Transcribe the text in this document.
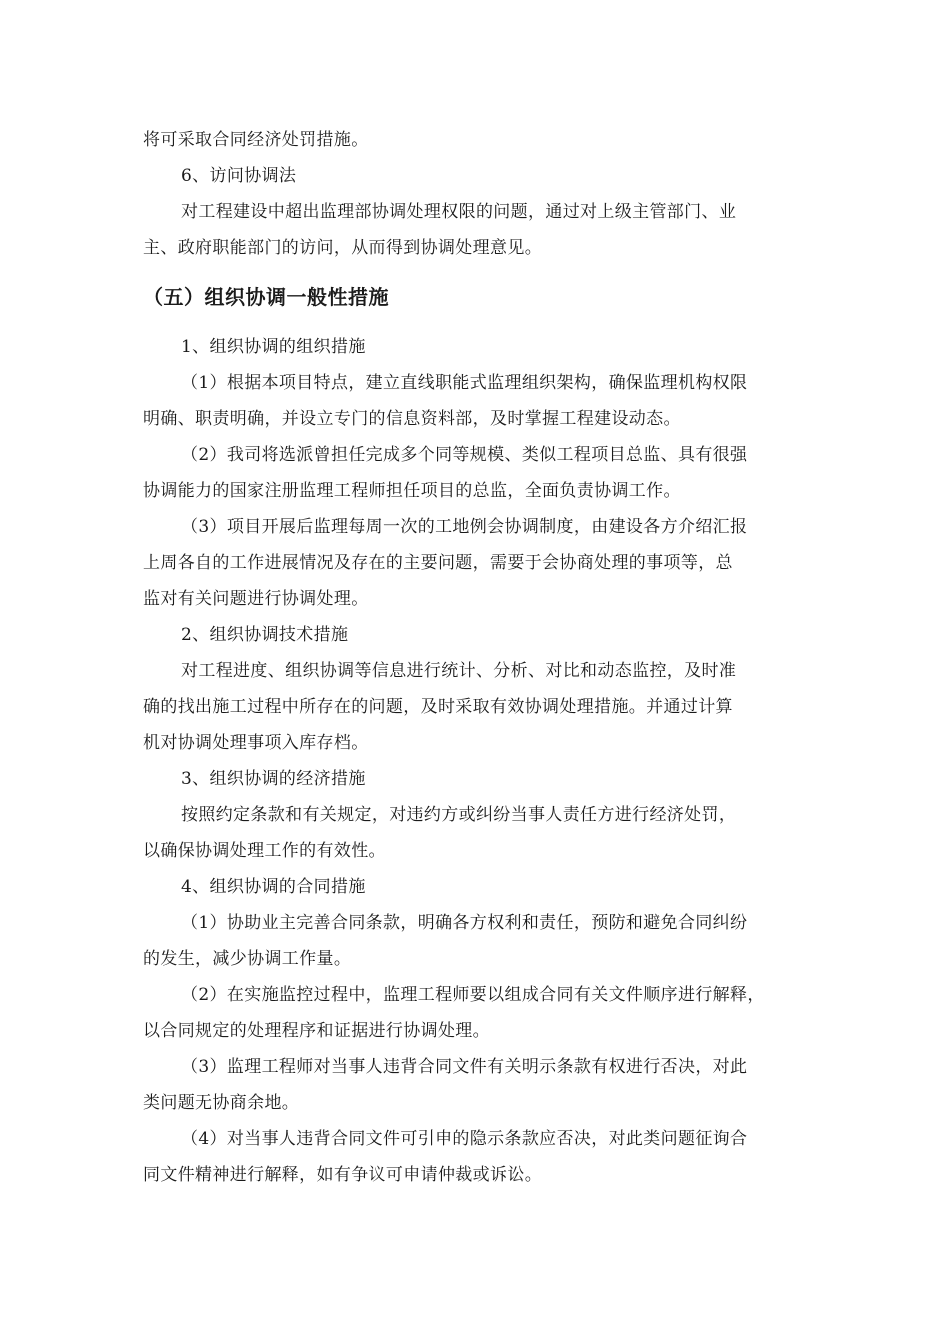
将可采取合同经济处罚措施。
6、访问协调法
对工程建设中超出监理部协调处理权限的问题，通过对上级主管部门、业
主、政府职能部门的访问，从而得到协调处理意见。
（五）组织协调一般性措施
1、组织协调的组织措施
（1）根据本项目特点，建立直线职能式监理组织架构，确保监理机构权限
明确、职责明确，并设立专门的信息资料部，及时掌握工程建设动态。
（2）我司将选派曾担任完成多个同等规模、类似工程项目总监、具有很强
协调能力的国家注册监理工程师担任项目的总监，全面负责协调工作。
（3）项目开展后监理每周一次的工地例会协调制度，由建设各方介绍汇报
上周各自的工作进展情况及存在的主要问题，需要于会协商处理的事项等，总
监对有关问题进行协调处理。
2、组织协调技术措施
对工程进度、组织协调等信息进行统计、分析、对比和动态监控，及时准
确的找出施工过程中所存在的问题，及时采取有效协调处理措施。并通过计算
机对协调处理事项入库存档。
3、组织协调的经济措施
按照约定条款和有关规定，对违约方或纠纷当事人责任方进行经济处罚，
以确保协调处理工作的有效性。
4、组织协调的合同措施
（1）协助业主完善合同条款，明确各方权利和责任，预防和避免合同纠纷
的发生，减少协调工作量。
（2）在实施监控过程中，监理工程师要以组成合同有关文件顺序进行解释，
以合同规定的处理程序和证据进行协调处理。
（3）监理工程师对当事人违背合同文件有关明示条款有权进行否决，对此
类问题无协商余地。
（4）对当事人违背合同文件可引申的隐示条款应否决，对此类问题征询合
同文件精神进行解释，如有争议可申请仲裁或诉讼。
